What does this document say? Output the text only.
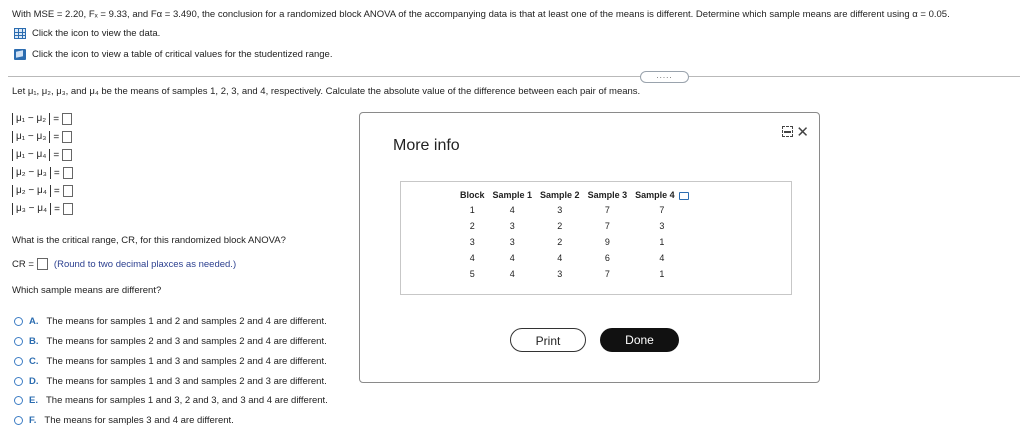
With MSE = 2.20, Fₓ = 9.33, and Fα = 3.490, the conclusion for a randomized block ANOVA of the accompanying data is that at least one of the means is different. Determine which sample means are different using α = 0.05.
Click the icon to view the data.
Click the icon to view a table of critical values for the studentized range.
.....
Let μ₁, μ₂, μ₃, and μ₄ be the means of samples 1, 2, 3, and 4, respectively. Calculate the absolute value of the difference between each pair of means.
μ₁ − μ₂ =
μ₁ − μ₃ =
μ₁ − μ₄ =
μ₂ − μ₃ =
μ₂ − μ₄ =
μ₃ − μ₄ =
What is the critical range, CR, for this randomized block ANOVA?
CR = (Round to two decimal plaxces as needed.)
Which sample means are different?
A. The means for samples 1 and 2 and samples 2 and 4 are different.
B. The means for samples 2 and 3 and samples 2 and 4 are different.
C. The means for samples 1 and 3 and samples 2 and 4 are different.
D. The means for samples 1 and 3 and samples 2 and 3 are different.
E. The means for samples 1 and 3, 2 and 3, and 3 and 4 are different.
F. The means for samples 3 and 4 are different.
More info
✕
Block	Sample 1	Sample 2	Sample 3	Sample 4
1	4	3	7	7
2	3	2	7	3
3	3	2	9	1
4	4	4	6	4
5	4	3	7	1
Print	Done
